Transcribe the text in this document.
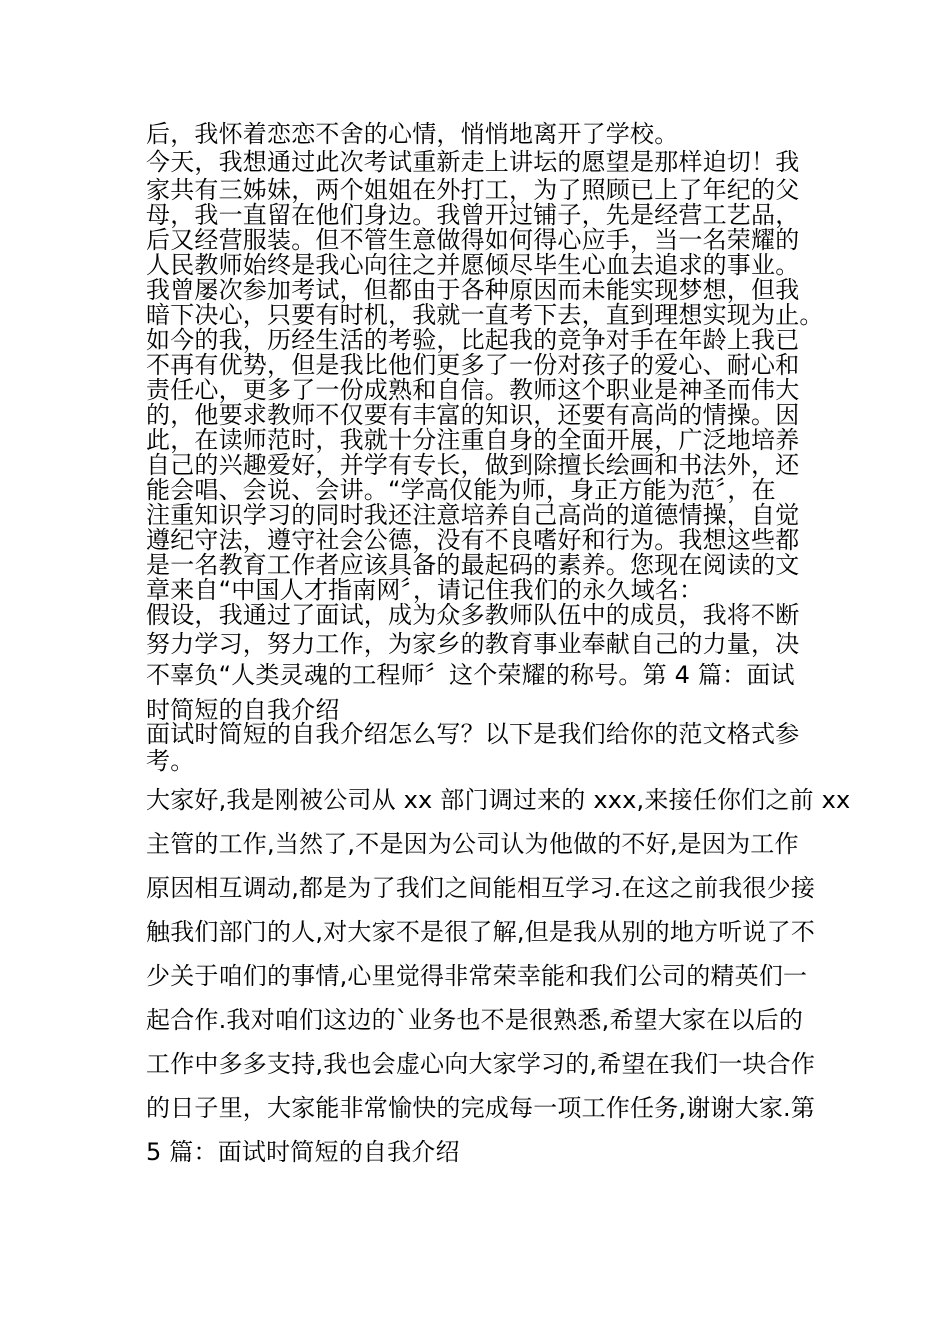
后，我怀着恋恋不舍的心情，悄悄地离开了学校。
今天，我想通过此次考试重新走上讲坛的愿望是那样迫切！我
家共有三姊妹，两个姐姐在外打工，为了照顾已上了年纪的父
母，我一直留在他们身边。我曾开过铺子，先是经营工艺品，
后又经营服装。但不管生意做得如何得心应手，当一名荣耀的
人民教师始终是我心向往之并愿倾尽毕生心血去追求的事业。
我曾屡次参加考试，但都由于各种原因而未能实现梦想，但我
暗下决心，只要有时机，我就一直考下去，直到理想实现为止。
如今的我，历经生活的考验，比起我的竞争对手在年龄上我已
不再有优势，但是我比他们更多了一份对孩子的爱心、耐心和
责任心，更多了一份成熟和自信。教师这个职业是神圣而伟大
的，他要求教师不仅要有丰富的知识，还要有高尚的情操。因
此，在读师范时，我就十分注重自身的全面开展，广泛地培养
自己的兴趣爱好，并学有专长，做到除擅长绘画和书法外，还
能会唱、会说、会讲。“学高仅能为师，身正方能为范〞，在
注重知识学习的同时我还注意培养自己高尚的道德情操，自觉
遵纪守法，遵守社会公德，没有不良嗜好和行为。我想这些都
是一名教育工作者应该具备的最起码的素养。您现在阅读的文
章来自“中国人才指南网〞，请记住我们的永久域名：
假设，我通过了面试，成为众多教师队伍中的成员，我将不断
努力学习，努力工作，为家乡的教育事业奉献自己的力量，决
不辜负“人类灵魂的工程师〞这个荣耀的称号。第 4 篇：面试
时简短的自我介绍
面试时简短的自我介绍怎么写？以下是我们给你的范文格式参
考。
大家好,我是刚被公司从 xx 部门调过来的 xxx,来接任你们之前 xx
主管的工作,当然了,不是因为公司认为他做的不好,是因为工作
原因相互调动,都是为了我们之间能相互学习.在这之前我很少接
触我们部门的人,对大家不是很了解,但是我从别的地方听说了不
少关于咱们的事情,心里觉得非常荣幸能和我们公司的精英们一
起合作.我对咱们这边的`业务也不是很熟悉,希望大家在以后的
工作中多多支持,我也会虚心向大家学习的,希望在我们一块合作
的日子里，大家能非常愉快的完成每一项工作任务,谢谢大家.第
5 篇：面试时简短的自我介绍
